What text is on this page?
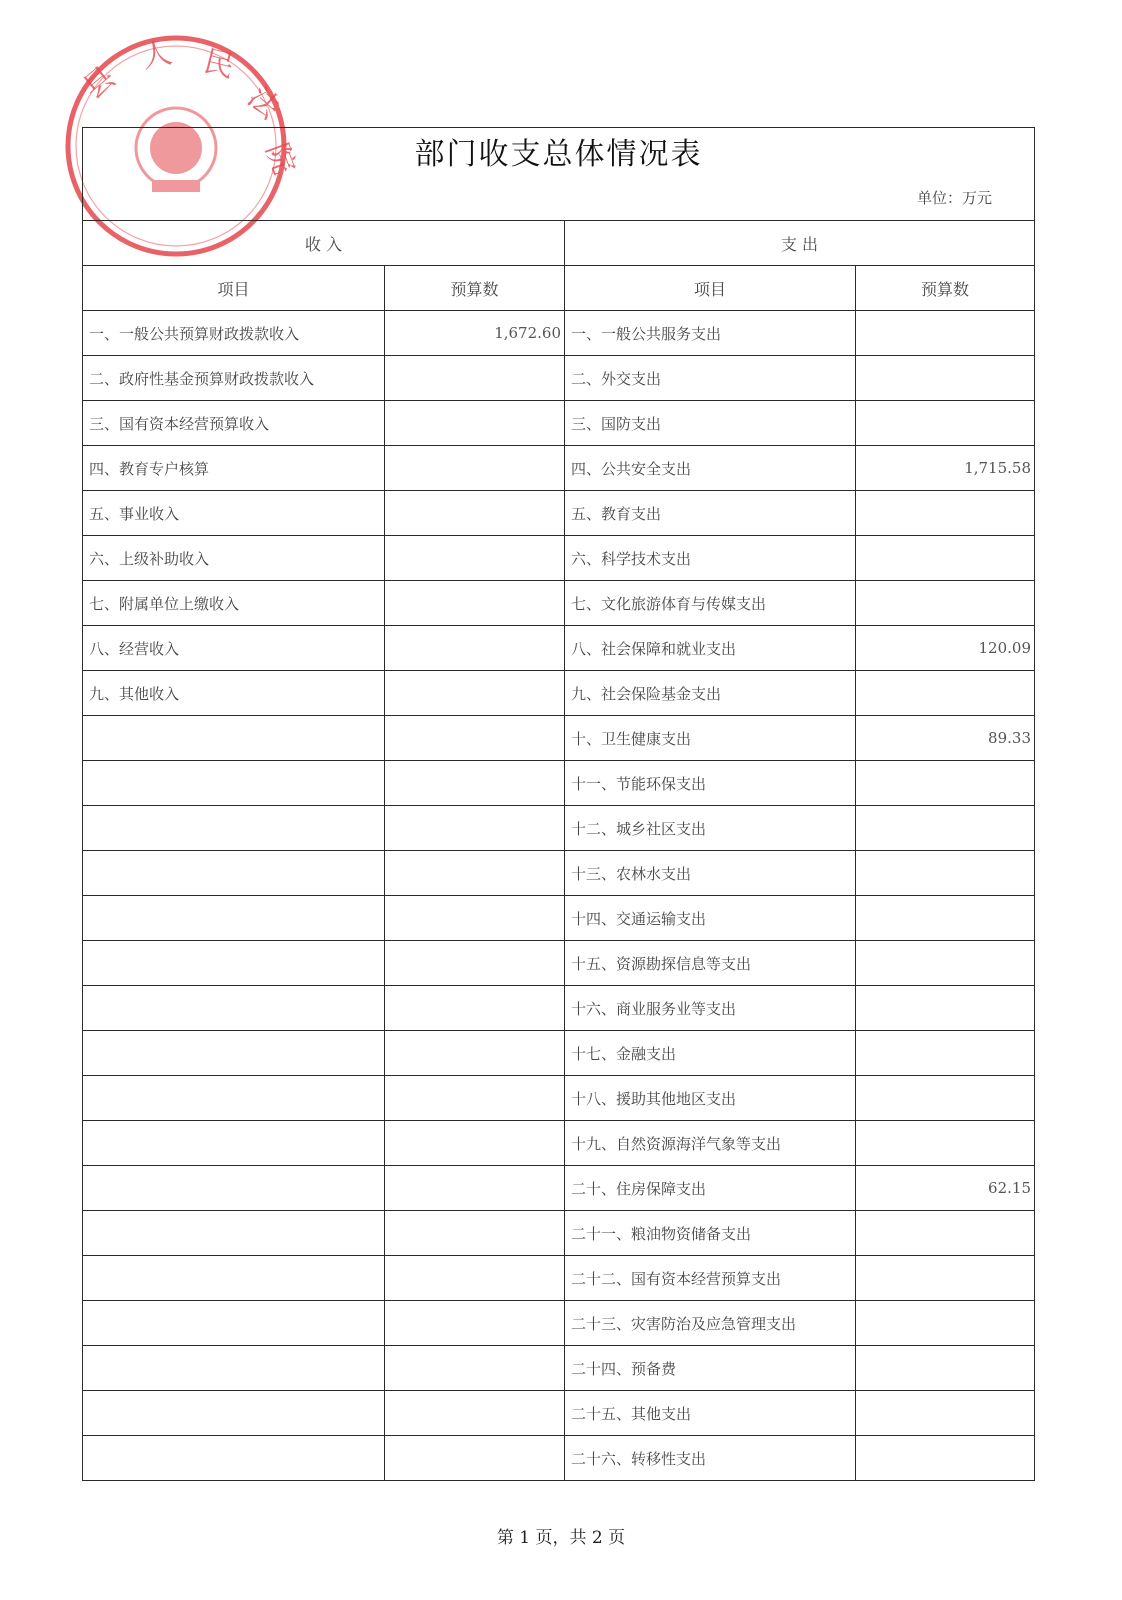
县
人 民
法
院	部门收支总体情况表			
单位：万元			
收 入		支 出	
项目	预算数	项目	预算数
一、一般公共预算财政拨款收入	1,672.60	一、一般公共服务支出	
二、政府性基金预算财政拨款收入		二、外交支出	
三、国有资本经营预算收入		三、国防支出	
四、教育专户核算		四、公共安全支出	1,715.58
五、事业收入		五、教育支出	
六、上级补助收入		六、科学技术支出	
七、附属单位上缴收入		七、文化旅游体育与传媒支出	
八、经营收入		八、社会保障和就业支出	120.09
九、其他收入		九、社会保险基金支出	
		十、卫生健康支出	89.33
		十一、节能环保支出	
		十二、城乡社区支出	
		十三、农林水支出	
		十四、交通运输支出	
		十五、资源勘探信息等支出	
		十六、商业服务业等支出	
		十七、金融支出	
		十八、援助其他地区支出	
		十九、自然资源海洋气象等支出	
		二十、住房保障支出	62.15
		二十一、粮油物资储备支出	
		二十二、国有资本经营预算支出	
		二十三、灾害防治及应急管理支出	
		二十四、预备费	
		二十五、其他支出	
		二十六、转移性支出	
第 1 页，共 2 页
